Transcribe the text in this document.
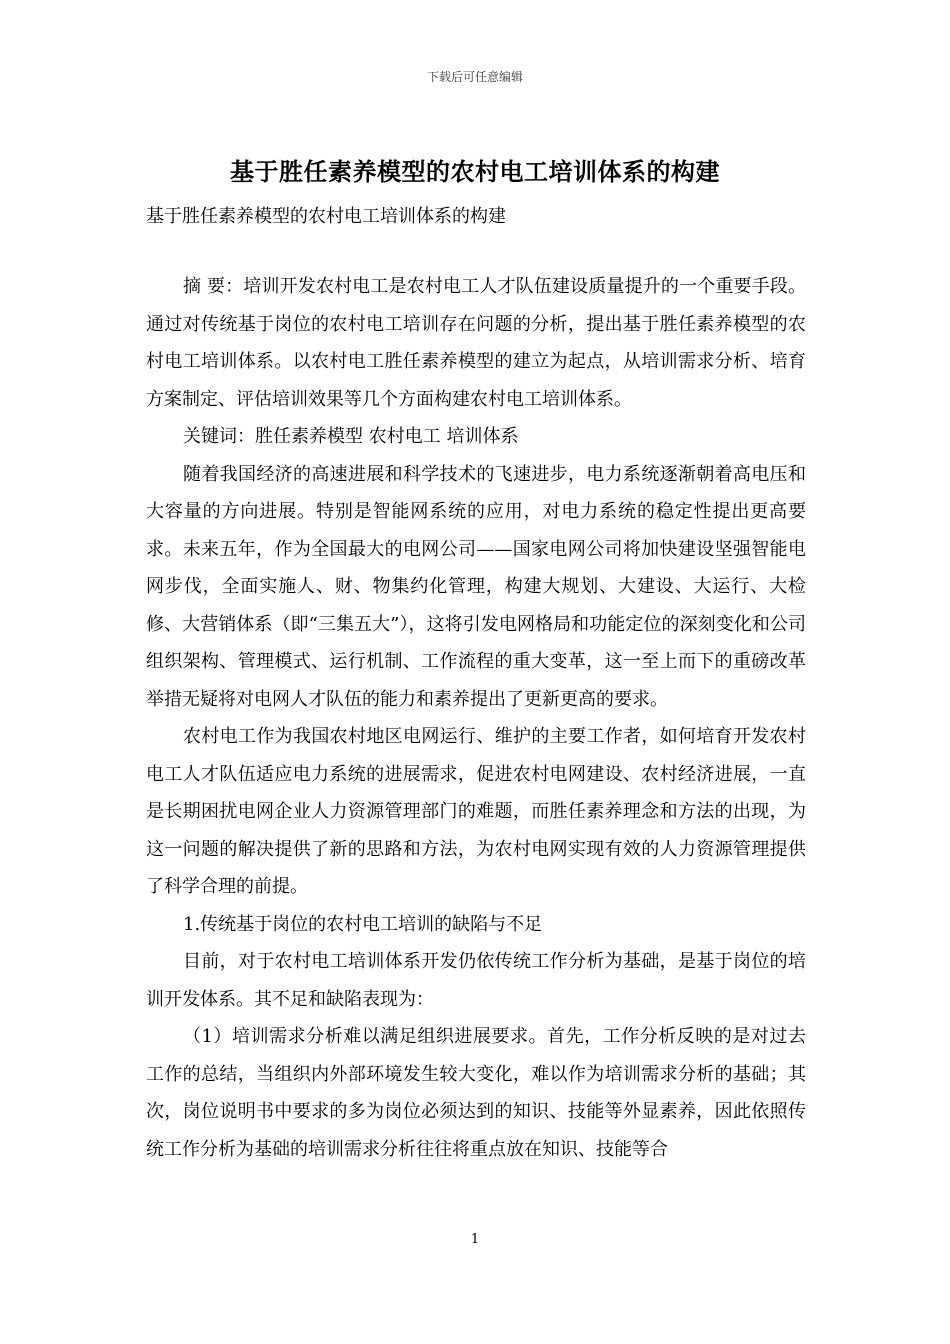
下载后可任意编辑
基于胜任素养模型的农村电工培训体系的构建
基于胜任素养模型的农村电工培训体系的构建

摘 要：培训开发农村电工是农村电工人才队伍建设质量提升的一个重要手段。通过对传统基于岗位的农村电工培训存在问题的分析，提出基于胜任素养模型的农村电工培训体系。以农村电工胜任素养模型的建立为起点，从培训需求分析、培育方案制定、评估培训效果等几个方面构建农村电工培训体系。

关键词：胜任素养模型 农村电工 培训体系

随着我国经济的高速进展和科学技术的飞速进步，电力系统逐渐朝着高电压和大容量的方向进展。特别是智能网系统的应用，对电力系统的稳定性提出更高要求。未来五年，作为全国最大的电网公司——国家电网公司将加快建设坚强智能电网步伐，全面实施人、财、物集约化管理，构建大规划、大建设、大运行、大检修、大营销体系（即“三集五大”），这将引发电网格局和功能定位的深刻变化和公司组织架构、管理模式、运行机制、工作流程的重大变革，这一至上而下的重磅改革举措无疑将对电网人才队伍的能力和素养提出了更新更高的要求。

农村电工作为我国农村地区电网运行、维护的主要工作者，如何培育开发农村电工人才队伍适应电力系统的进展需求，促进农村电网建设、农村经济进展，一直是长期困扰电网企业人力资源管理部门的难题，而胜任素养理念和方法的出现，为这一问题的解决提供了新的思路和方法，为农村电网实现有效的人力资源管理提供了科学合理的前提。

1.传统基于岗位的农村电工培训的缺陷与不足

目前，对于农村电工培训体系开发仍依传统工作分析为基础，是基于岗位的培训开发体系。其不足和缺陷表现为：

（1）培训需求分析难以满足组织进展要求。首先，工作分析反映的是对过去工作的总结，当组织内外部环境发生较大变化，难以作为培训需求分析的基础；其次，岗位说明书中要求的多为岗位必须达到的知识、技能等外显素养，因此依照传统工作分析为基础的培训需求分析往往将重点放在知识、技能等合

1
